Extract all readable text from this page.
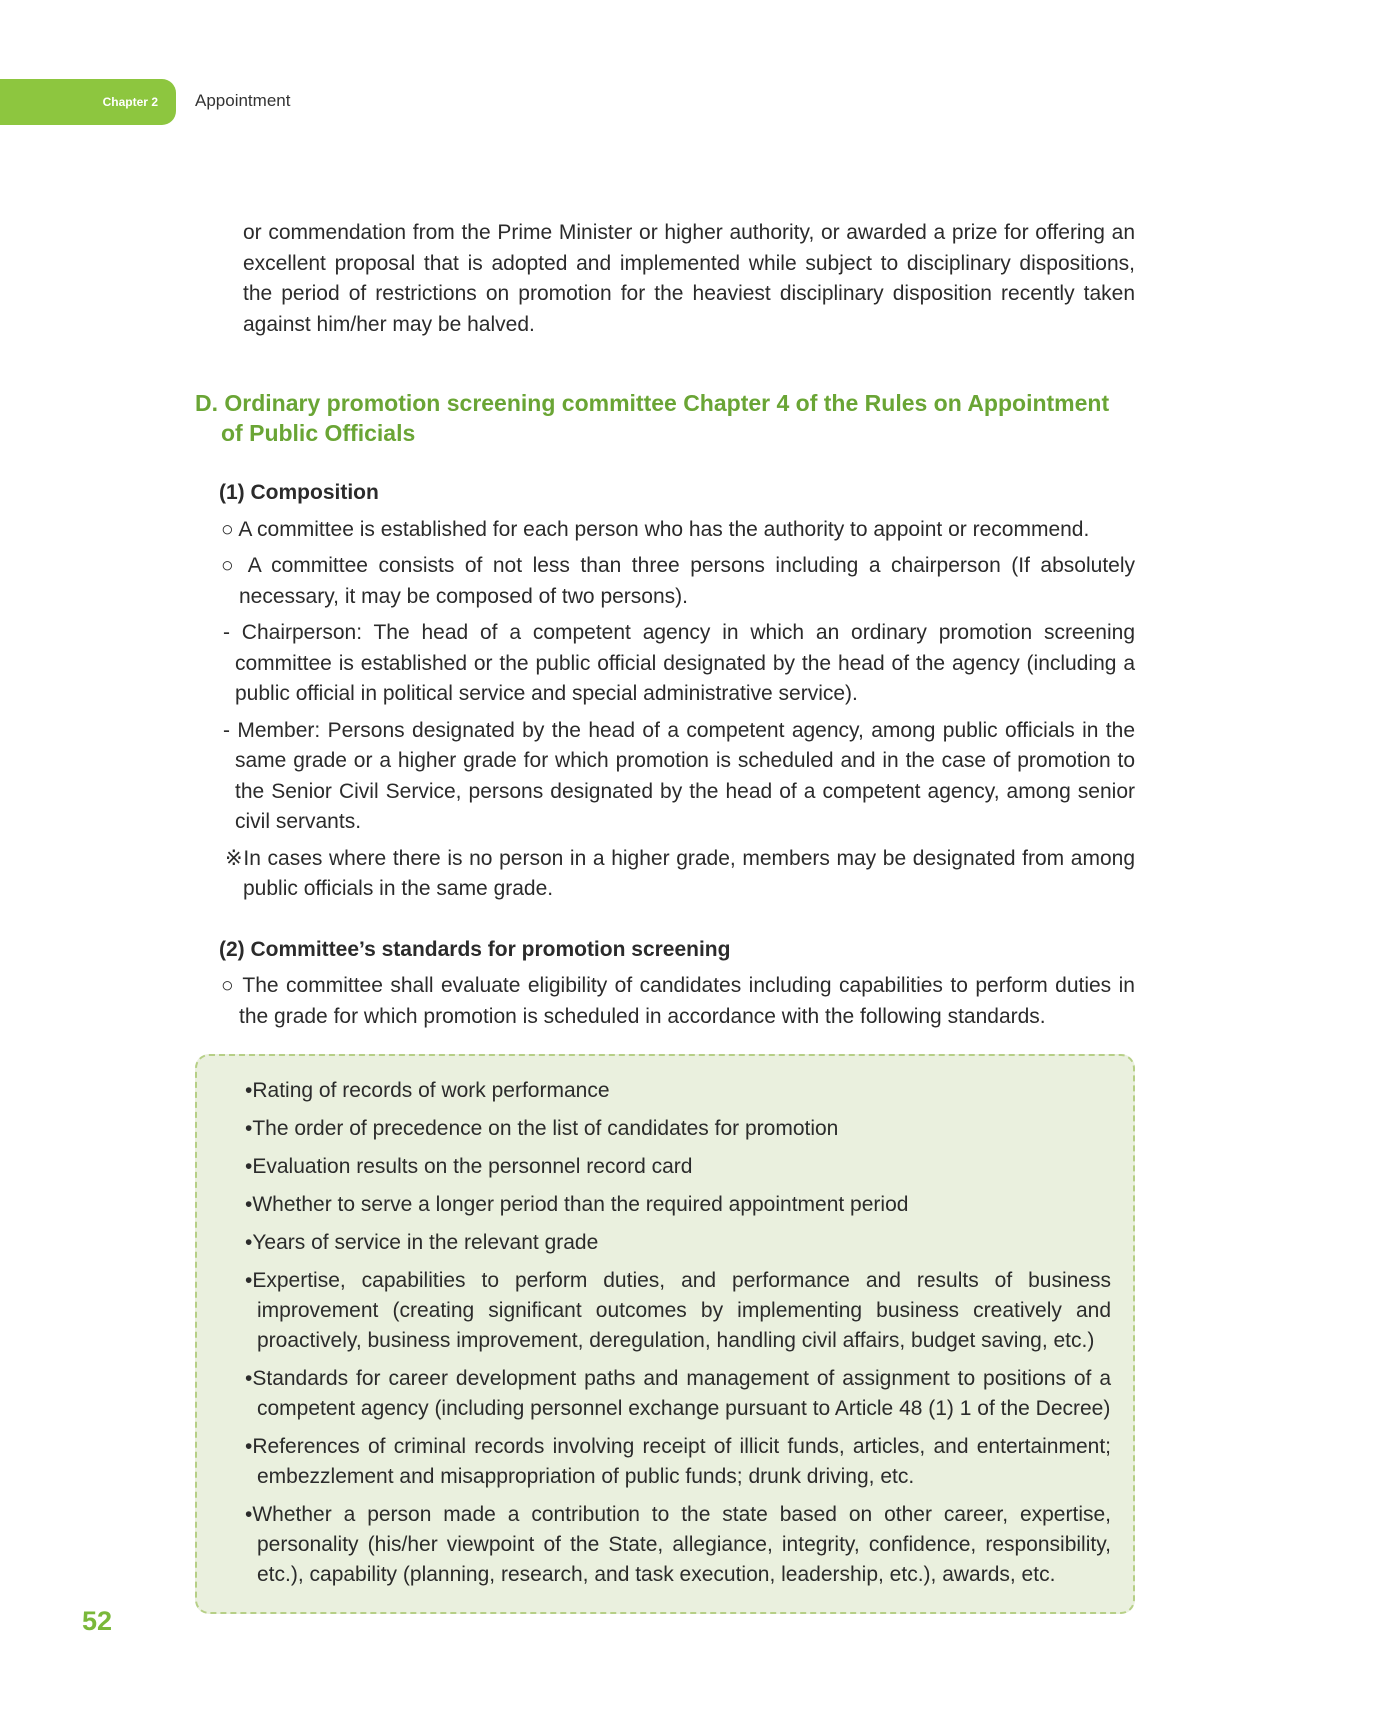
Chapter 2 Appointment

or commendation from the Prime Minister or higher authority, or awarded a prize for offering an excellent proposal that is adopted and implemented while subject to disciplinary dispositions, the period of restrictions on promotion for the heaviest disciplinary disposition recently taken against him/her may be halved.

D. Ordinary promotion screening committee Chapter 4 of the Rules on Appointment of Public Officials
(1) Composition

○ A committee is established for each person who has the authority to appoint or recommend.

○ A committee consists of not less than three persons including a chairperson (If absolutely necessary, it may be composed of two persons).

- Chairperson: The head of a competent agency in which an ordinary promotion screening committee is established or the public official designated by the head of the agency (including a public official in political service and special administrative service).

- Member: Persons designated by the head of a competent agency, among public officials in the same grade or a higher grade for which promotion is scheduled and in the case of promotion to the Senior Civil Service, persons designated by the head of a competent agency, among senior civil servants.

※In cases where there is no person in a higher grade, members may be designated from among public officials in the same grade.

(2) Committee’s standards for promotion screening

○ The committee shall evaluate eligibility of candidates including capabilities to perform duties in the grade for which promotion is scheduled in accordance with the following standards.

•Rating of records of work performance
•The order of precedence on the list of candidates for promotion
•Evaluation results on the personnel record card
•Whether to serve a longer period than the required appointment period
•Years of service in the relevant grade
•Expertise, capabilities to perform duties, and performance and results of business improvement (creating significant outcomes by implementing business creatively and proactively, business improvement, deregulation, handling civil affairs, budget saving, etc.)
•Standards for career development paths and management of assignment to positions of a competent agency (including personnel exchange pursuant to Article 48 (1) 1 of the Decree)
•References of criminal records involving receipt of illicit funds, articles, and entertainment; embezzlement and misappropriation of public funds; drunk driving, etc.
•Whether a person made a contribution to the state based on other career, expertise, personality (his/her viewpoint of the State, allegiance, integrity, confidence, responsibility, etc.), capability (planning, research, and task execution, leadership, etc.), awards, etc.
52
